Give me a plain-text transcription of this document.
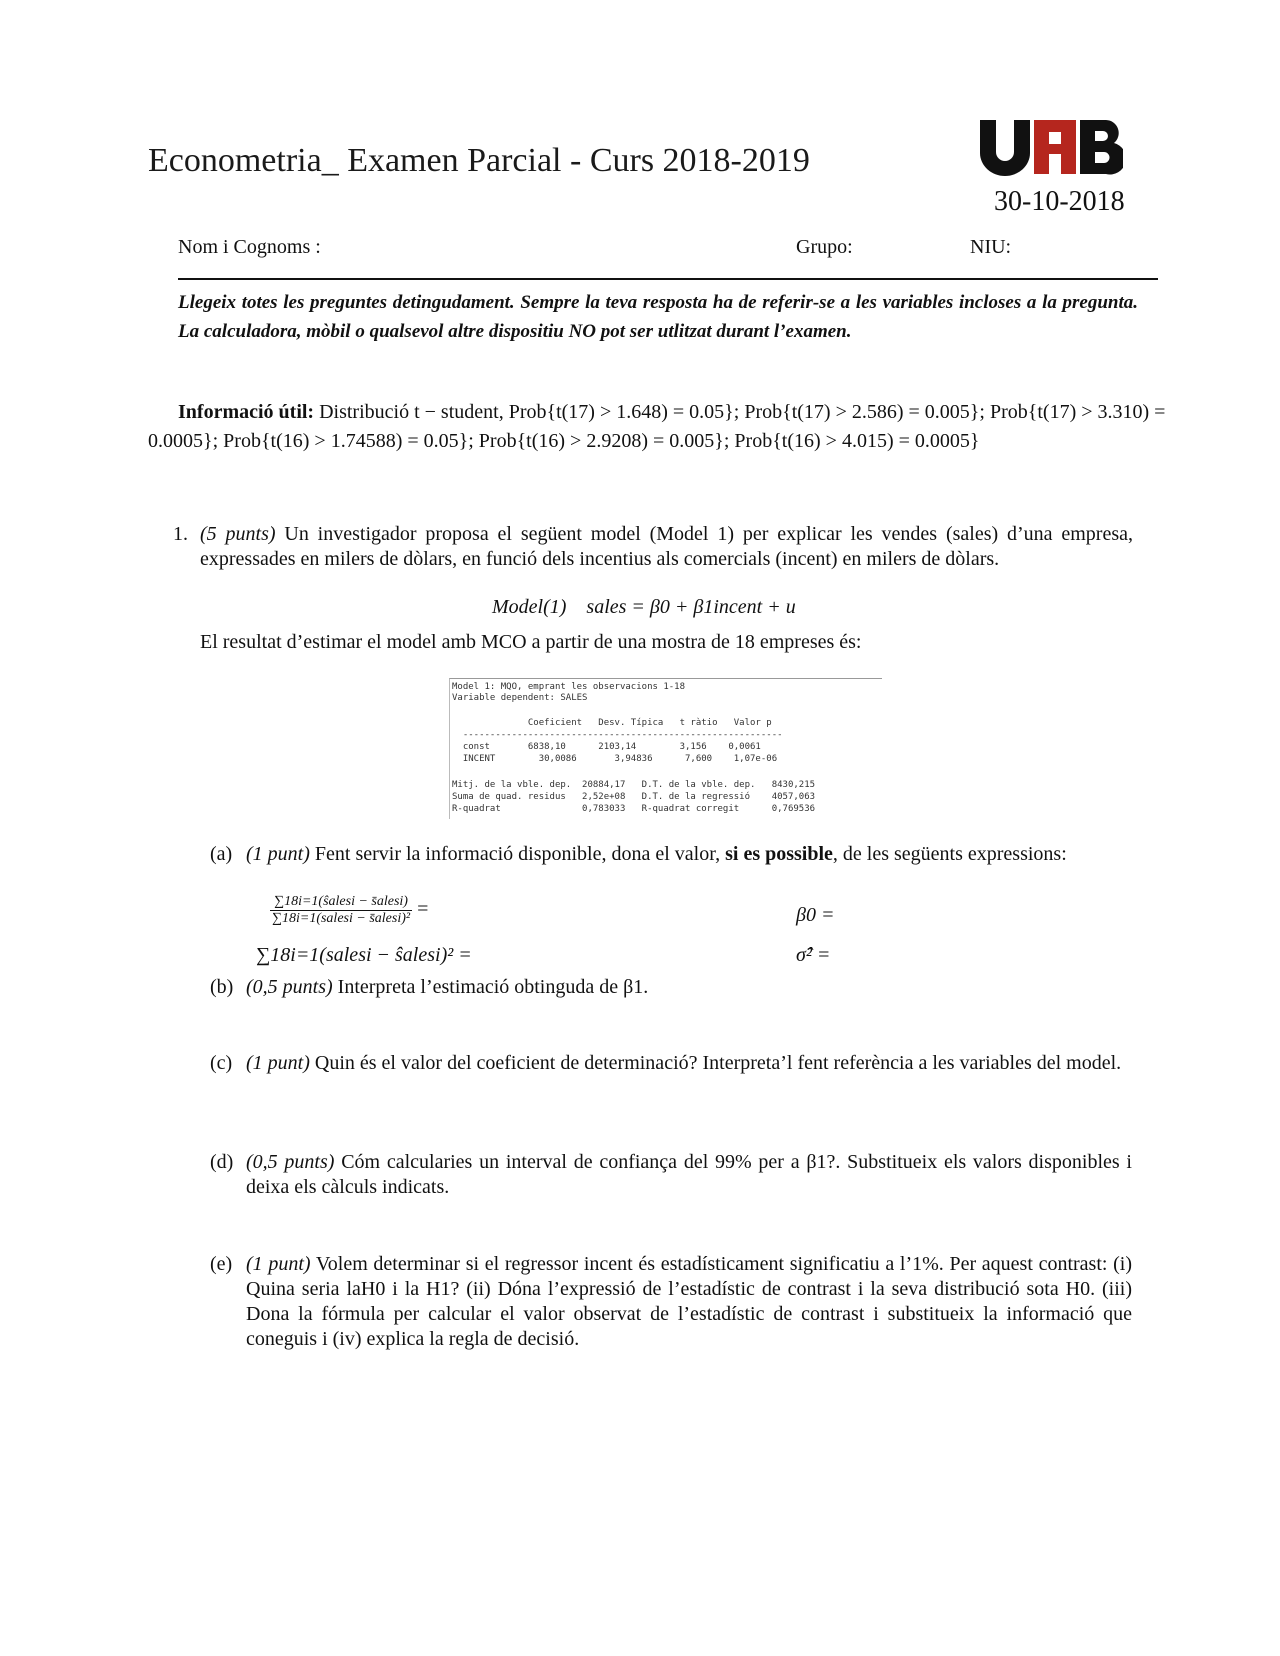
Econometria_ Examen Parcial - Curs 2018-2019
UAB
30-10-2018
Nom i Cognoms :	Grupo:	NIU:
Llegeix totes les preguntes detingudament. Sempre la teva resposta ha de referir-se a les variables incloses a la pregunta. La calculadora, mòbil o qualsevol altre dispositiu NO pot ser utlitzat durant l’examen.
Informació útil: Distribució t − student, Prob{t(17) > 1.648) = 0.05}; Prob{t(17) > 2.586) = 0.005}; Prob{t(17) > 3.310) = 0.0005}; Prob{t(16) > 1.74588) = 0.05}; Prob{t(16) > 2.9208) = 0.005}; Prob{t(16) > 4.015) = 0.0005}
1. (5 punts) Un investigador proposa el següent model (Model 1) per explicar les vendes (sales) d’una empresa, expressades en milers de dòlars, en funció dels incentius als comercials (incent) en milers de dòlars.
Model(1) sales = β0 + β1incent + u
El resultat d’estimar el model amb MCO a partir de una mostra de 18 empreses és:
Model 1: MQO, emprant les observacions 1-18
Variable dependent: SALES
Coeficient   Desv. Típica   t ràtio   Valor p
-----------------------------------------------------------
const       6838,10      2103,14        3,156    0,0061
INCENT        30,0086       3,94836      7,600    1,07e-06
Mitj. de la vble. dep.  20884,17   D.T. de la vble. dep.   8430,215
Suma de quad. residus   2,52e+08   D.T. de la regressió    4057,063
R-quadrat               0,783033   R-quadrat corregit      0,769536
(a) (1 punt) Fent servir la informació disponible, dona el valor, si es possible, de les següents expressions:
$\frac{\text{∑18i=1(ŝalesi − s̄alesi)}}{\text{∑18i=1(salesi − s̄alesi)²}}$ =	β0 =
∑18i=1(salesi − ŝalesi)² =	σ̂² =
(b) (0,5 punts) Interpreta l’estimació obtinguda de β1.
(c) (1 punt) Quin és el valor del coeficient de determinació? Interpreta’l fent referència a les variables del model.
(d) (0,5 punts) Cóm calcularies un interval de confiança del 99% per a β1?. Substitueix els valors disponibles i deixa els càlculs indicats.
(e) (1 punt) Volem determinar si el regressor incent és estadísticament significatiu a l’1%. Per aquest contrast: (i) Quina seria laH0 i la H1? (ii) Dóna l’expressió de l’estadístic de contrast i la seva distribució sota H0. (iii) Dona la fórmula per calcular el valor observat de l’estadístic de contrast i substitueix la informació que coneguis i (iv) explica la regla de decisió.
